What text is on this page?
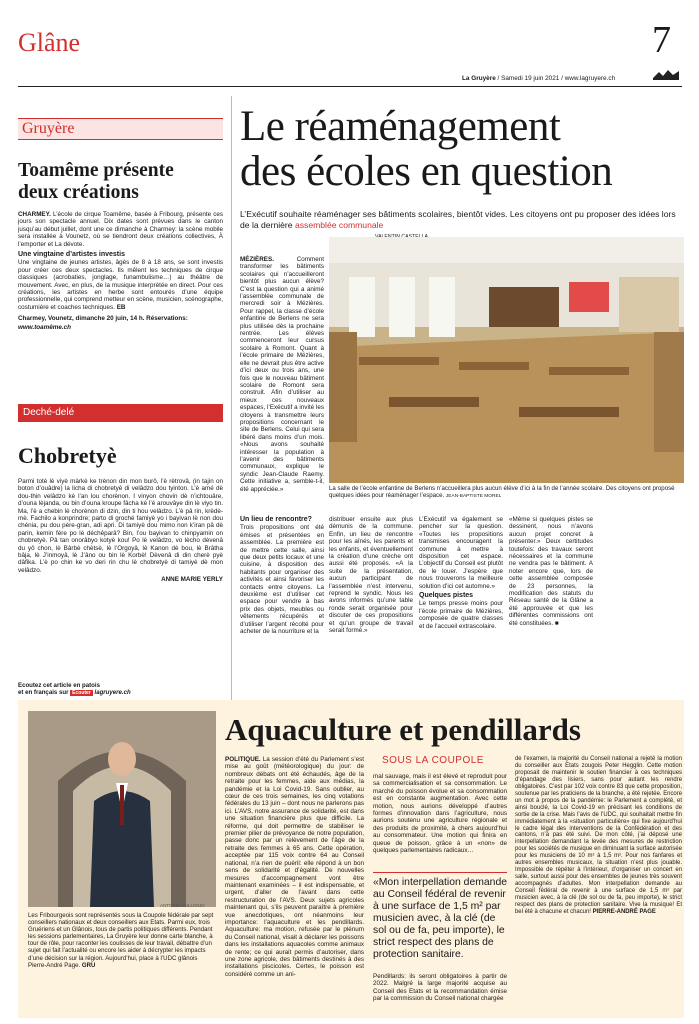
Glâne	7
La Gruyère / Samedi 19 juin 2021 / www.lagruyere.ch
Gruyère
Toamême présente
deux créations

CHARMEY. L’école de cirque Toamême, basée à Fribourg, présente ces jours son spectacle annuel. Dix dates sont prévues dans le canton jusqu’au début juillet, dont une ce dimanche à Charmey: la scène mobile sera installée à Vounetz, où se tiendront deux créations collectives, À l’emporter et La dévote.

Une vingtaine d’artistes investis

Une vingtaine de jeunes artistes, âgés de 8 à 18 ans, se sont investis pour créer ces deux spectacles. Ils mêlent les techniques de cirque classiques (acrobaties, jonglage, funambulisme…) au théâtre de mouvement. Avec, en plus, de la musique interprétée en direct. Pour ces créations, les artistes en herbe sont entourés d’une équipe professionnelle, qui comprend metteur en scène, musicien, scénographe, costumière et coaches techniques. EB

Charmey, Vounetz, dimanche 20 juin, 14 h. Réservations:

www.toamême.ch

Deché-delé
Chobretyè

Parmi totè lè viyè màrkè ke trènon din mon burô, l’è rètrovâ, (in tajin on boton d’ouâdre) la licha di chobretyè di velâdzo dou tyinton. L’è amé dè dou-thin velâdzo kè l’an lou chorènon. I vinyon chovin dè n’ichtouâre, d’ouna lèjanda, ou bin d’ouna kroupe fâcha kè l’è arouvâye din lè viyo tin. Ma, l’è a chebin lè chorènon di dzin, din ti hou velâdzo. L’è pâ rin, krèdè-mè. Fachilo a konprindre; parto di groché famiyè yo i bayivan lè non dou chénia, pu dou père-gran, adi apri. Di tamiyè dou mimo non k’iran pâ dè parin, kemin fére po lè déchêparâ? Bin, l’ou bayivan to chinpyamin on chobretyè. Pâ tan onorâbyo kotyè kou! Po lè velâdzo, vo lècho dèvenâ du yô chon, lè Bârbè chètsè, lè l’Orgoyâ, lè Kanon dè bou, lè Brâtha bâja, lè J’inmoyâ, lè J’âno ou bin lè Korbè! Dèvenâ di din cherè pyè dâfika. L’è po chin ke vo deri rin chu lè chobretyè di tamiyè dè mon velâdzo.

ANNE MARIE YERLY

Ecoutez cet article en patois
et en français sur Écouter lagruyere.ch
Le réaménagement
des écoles en question
L’Exécutif souhaite réaménager ses bâtiments scolaires, bientôt vides. Les citoyens ont pu proposer des idées lors de la dernière assemblée communale

MÉZIÈRES.	Comment transformer les bâtiments scolaires qui n’accueilleront bientôt plus aucun élève? C’est la question qui a animé l’assemblée communale de mercredi soir à Mézières. Pour rappel, la classe d’école enfantine de Berlens ne sera plus utilisée dès la prochaine rentrée. Les élèves commenceront leur cursus scolaire à Romont. Quant à l’école primaire de Mézières, elle ne devrait plus être active d’ici deux ou trois ans, une fois que le nouveau bâtiment scolaire de Romont sera construit. Afin d’utiliser au mieux ces nouveaux espaces, l’Exécutif a invité les citoyens à transmettre leurs propositions concernant le site de Berlens. Celui qui sera libéré dans moins d’un mois. «Nous avons souhaité intéresser la population à l’avenir des bâtiments communaux, explique le syndic Jean-Claude Raemy. Cette initiative a, semble-t-il, été appréciée.»	La salle de l’école enfantine de Berlens n’accueillera plus aucun élève d’ici à la fin de l’année scolaire. Des citoyens ont proposé quelques idées pour réaménager l’espace. JEAN-BAPTISTE MOREL

Un lieu de rencontre?

Trois propositions ont été émises et présentées en assemblée. La première est de mettre cette salle, ainsi que deux petits locaux et une cuisine, à disposition des habitants pour organiser des activités et ainsi favoriser les contacts entre citoyens. La deuxième est d’utiliser cet espace pour vendre à bas prix des objets, meubles ou vêtements récupérés et d’utiliser l’argent récolté pour acheter de la nourriture et la

distribuer ensuite aux plus démunis de la commune. Enfin, un lieu de rencontre pour les aînés, les parents et les enfants, et éventuellement la création d’une crèche ont aussi été proposés. «A la suite de la présentation, aucun participant de l’assemblée n’est intervenu, reprend le syndic. Nous les avons informés qu’une table ronde serait organisée pour discuter de ces propositions et qu’un groupe de travail serait formé.»

L’Exécutif va également se pencher sur la question. «Toutes les propositions transmises encouragent la commune à mettre à disposition cet espace. L’objectif du Conseil est plutôt de le louer. J’espère que nous trouverons la meilleure solution d’ici cet automne.»

Quelques pistes

Le temps presse moins pour l’école primaire de Mézières, composée de quatre classes et de l’accueil extrascolaire.

«Même si quelques pistes se dessinent, nous n’avons aucun projet concret à présenter.» Deux certitudes toutefois: des travaux seront nécessaires et la commune ne vendra pas le bâtiment. A noter encore que, lors de cette assemblée composée de 23 personnes, la modification des statuts du Réseau santé de la Glâne a été approuvée et que les différentes commissions ont été constituées. ■

ANTOINE VULLIOUD
Les Fribourgeois sont représentés sous la Coupole fédérale par sept conseillers nationaux et deux conseillers aux Etats. Parmi eux, trois Gruériens et un Glânois, tous de partis politiques différents. Pendant les sessions parlementaires, La Gruyère leur donne carte blanche, à tour de rôle, pour raconter les coulisses de leur travail, débattre d’un sujet qui fait l’actualité ou encore les aider à décrypter les impacts d’une décision sur la région. Aujourd’hui, place à l’UDC glânois Pierre-André Page. GRU
Aquaculture et pendillards

POLITIQUE. La session d’été du Parlement s’est mise au goût (météorologique) du jour: de nombreux débats ont été échaudés, âge de la retraite pour les femmes, aide aux médias, la pandémie et la Loi Covid-19. Sans oublier, au cœur de ces trois semaines, les cinq votations fédérales du 13 juin – dont nous ne parlerons pas ici. L’AVS, notre assurance de solidarité, est dans une situation financière plus que difficile. La réforme, qui doit permettre de stabiliser le premier pilier de prévoyance de notre population, passe donc par un relèvement de l’âge de la retraite des femmes à 65 ans. Cette opération, acceptée par 115 voix contre 64 au Conseil national, n’a rien de puéril: elle répond à un bon sens de solidarité et d’égalité. De nouvelles mesures d’accompagnement vont être maintenant examinées – il est indispensable, et urgent, d’aller de l’avant dans cette restructuration de l’AVS. Deux sujets agricoles maintenant qui, s’ils peuvent paraître à première vue anecdotiques, ont néanmoins leur importance: l’aquaculture et les pendillards. Aquaculture: ma motion, refusée par le plénum du Conseil national, visait à déclarer les poissons dans les installations aquacoles comme animaux de rente; ce qui aurait permis d’autoriser, dans une zone agricole, des bâtiments destinés à des installations piscicoles. Certes, le poisson est considéré comme un ani-

SOUS LA COUPOLE

mal sauvage, mais il est élevé et reproduit pour sa commercialisation et sa consommation. Le marché du poisson évolue et sa consommation est en constante augmentation. Avec cette motion, nous aurions développé d’autres formes d’innovation dans l’agriculture, nous aurions soutenu une agriculture régionale et des produits de proximité, à chers aujourd’hui au consommateur. Une motion qui finira en queue de poisson, grâce à un «non» de quelques parlementaires radicaux…

«Mon interpellation demande au Conseil fédéral de revenir à une surface de 1,5 m² par musicien avec, à la clé (de sol ou de fa, peu importe), le strict respect des plans de protection sanitaire.

Pendillards: ils seront obligatoires à partir de 2022. Malgré la large majorité acquise au Conseil des Etats et la recommandation émise par la commission du Conseil national chargée

de l’examen, la majorité du Conseil national a rejeté la motion du conseiller aux Etats zougois Peter Hegglin. Cette motion proposait de maintenir le soutien financier à ces techniques d’épandage des lisiers, sans pour autant les rendre obligatoires. C’est par 102 voix contre 83 que cette proposition, soutenue par les praticiens de la branche, a été rejetée. Encore un mot à propos de la pandémie: le Parlement a complété, et ainsi bouclé, la Loi Covid-19 en précisant les conditions de sortie de la crise. Mais l’avis de l’UDC, qui souhaitait mettre fin immédiatement à la «situation particulière» qui fixe aujourd’hui le cadre légal des interventions de la Confédération et des cantons, n’a pas été suivi. De mon côté, j’ai déposé une interpellation demandant la levée des mesures de restriction pour les sociétés de musique en diminuant la surface autorisée pour les musiciens de 10 m² à 1,5 m². Pour nos fanfares et autres ensembles musicaux, la situation n’est plus jouable. Impossible de répéter à l’intérieur, d’organiser un concert en salle, surtout aussi pour des ensembles de jeunes très souvent accompagnés d’adultes. Mon interpellation demande au Conseil fédéral de revenir à une surface de 1,5 m² par musicien avec, à la clé (de sol ou de fa, peu importe), le strict respect des plans de protection sanitaire. Vive la musique! Et bel été à chacune et chacun! PIERRE-ANDRÉ PAGE
